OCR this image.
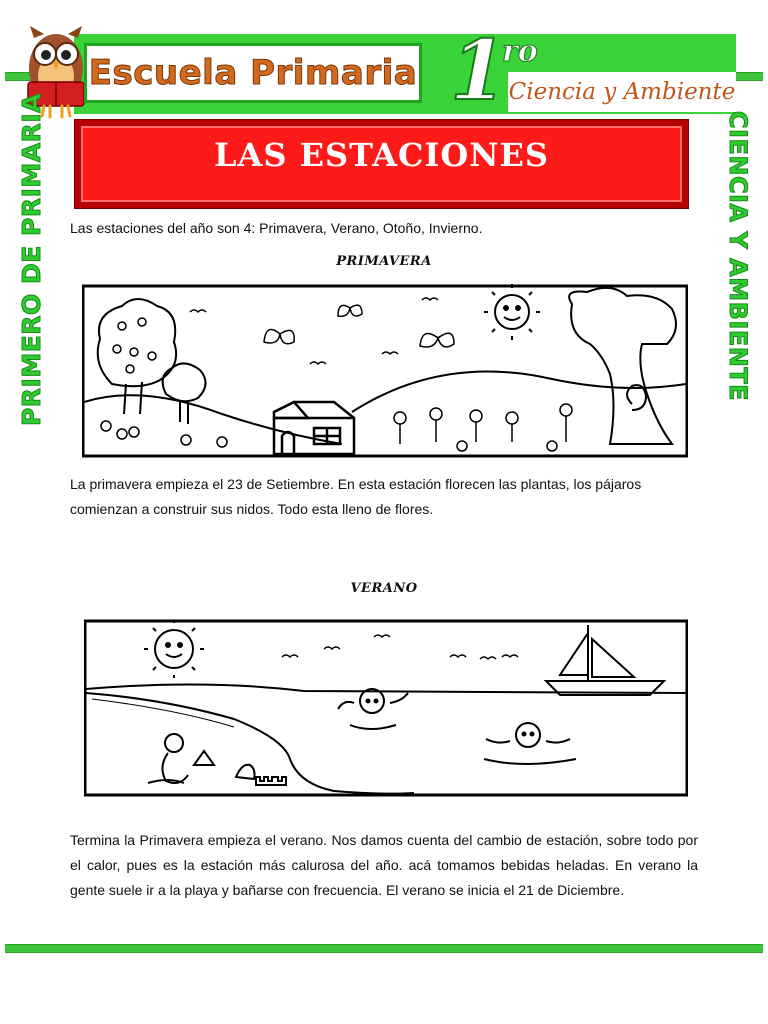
Escuela Primaria 1
ro
Ciencia y Ambiente
PRIMERO DE PRIMARIA	CIENCIA Y AMBIENTE
LAS ESTACIONES
Las estaciones del año son 4: Primavera, Verano, Otoño, Invierno.
PRIMAVERA
La primavera empieza el 23 de Setiembre. En esta estación florecen las plantas, los pájaros comienzan a construir sus nidos. Todo esta lleno de flores.
VERANO
Termina la Primavera empieza el verano. Nos damos cuenta del cambio de estación, sobre todo por el calor, pues es la estación más calurosa del año. acá tomamos bebidas heladas. En verano la gente suele ir a la playa y bañarse con frecuencia. El verano se inicia el 21 de Diciembre.
